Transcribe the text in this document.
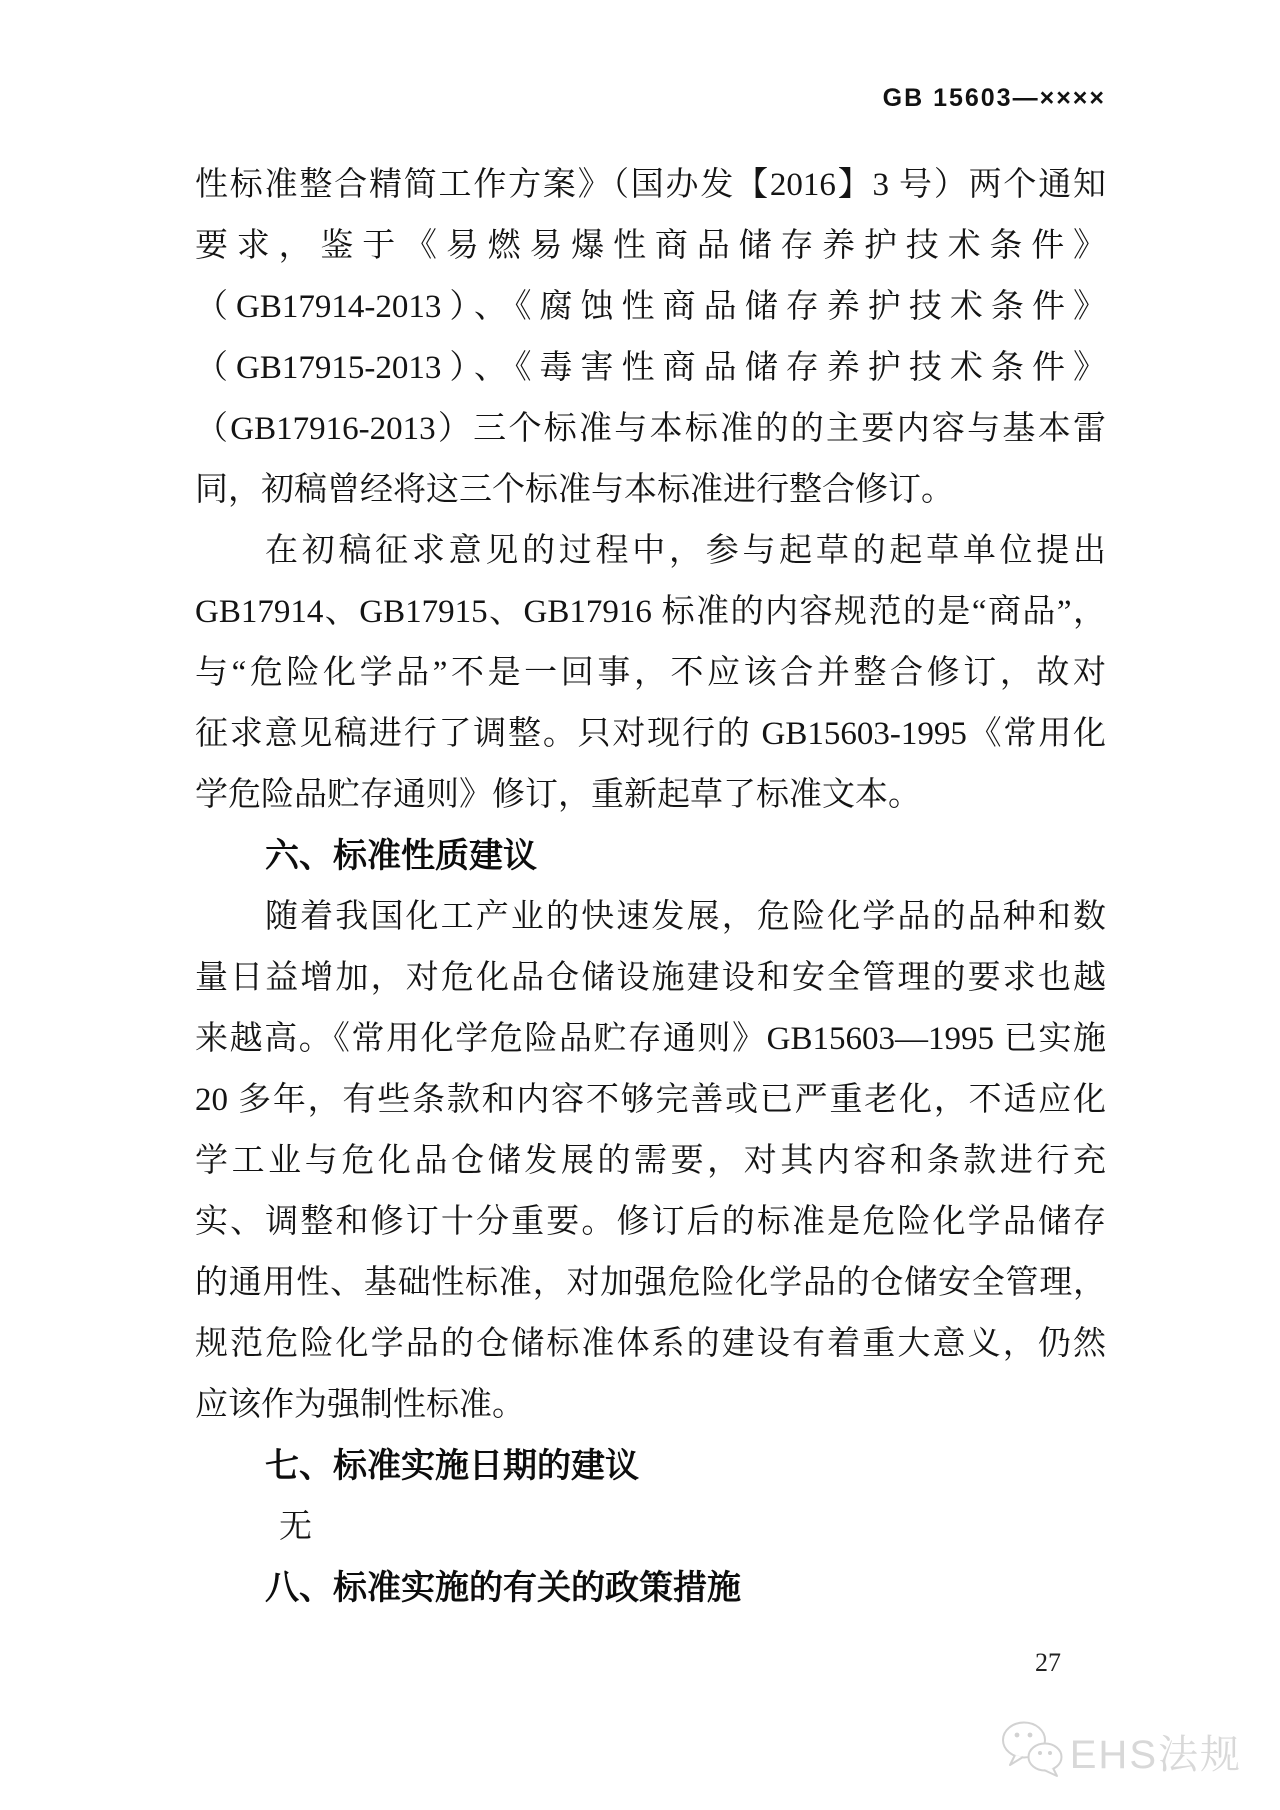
GB 15603—××××
性标准整合精简工作方案》（国办发【2016】3 号）两个通知
要求，鉴于《易燃易爆性商品储存养护技术条件》
（GB17914-2013）、《腐蚀性商品储存养护技术条件》
（GB17915-2013）、《毒害性商品储存养护技术条件》
（GB17916-2013）三个标准与本标准的的主要内容与基本雷
同，初稿曾经将这三个标准与本标准进行整合修订。
在初稿征求意见的过程中，参与起草的起草单位提出
GB17914、GB17915、GB17916 标准的内容规范的是“商品”，
与“危险化学品”不是一回事，不应该合并整合修订，故对
征求意见稿进行了调整。只对现行的 GB15603-1995《常用化
学危险品贮存通则》修订，重新起草了标准文本。
六、标准性质建议
随着我国化工产业的快速发展，危险化学品的品种和数
量日益增加，对危化品仓储设施建设和安全管理的要求也越
来越高。《常用化学危险品贮存通则》GB15603—1995 已实施
20 多年，有些条款和内容不够完善或已严重老化，不适应化
学工业与危化品仓储发展的需要，对其内容和条款进行充
实、调整和修订十分重要。修订后的标准是危险化学品储存
的通用性、基础性标准，对加强危险化学品的仓储安全管理，
规范危险化学品的仓储标准体系的建设有着重大意义，仍然
应该作为强制性标准。
七、标准实施日期的建议
无
八、标准实施的有关的政策措施
27
EHS法规
